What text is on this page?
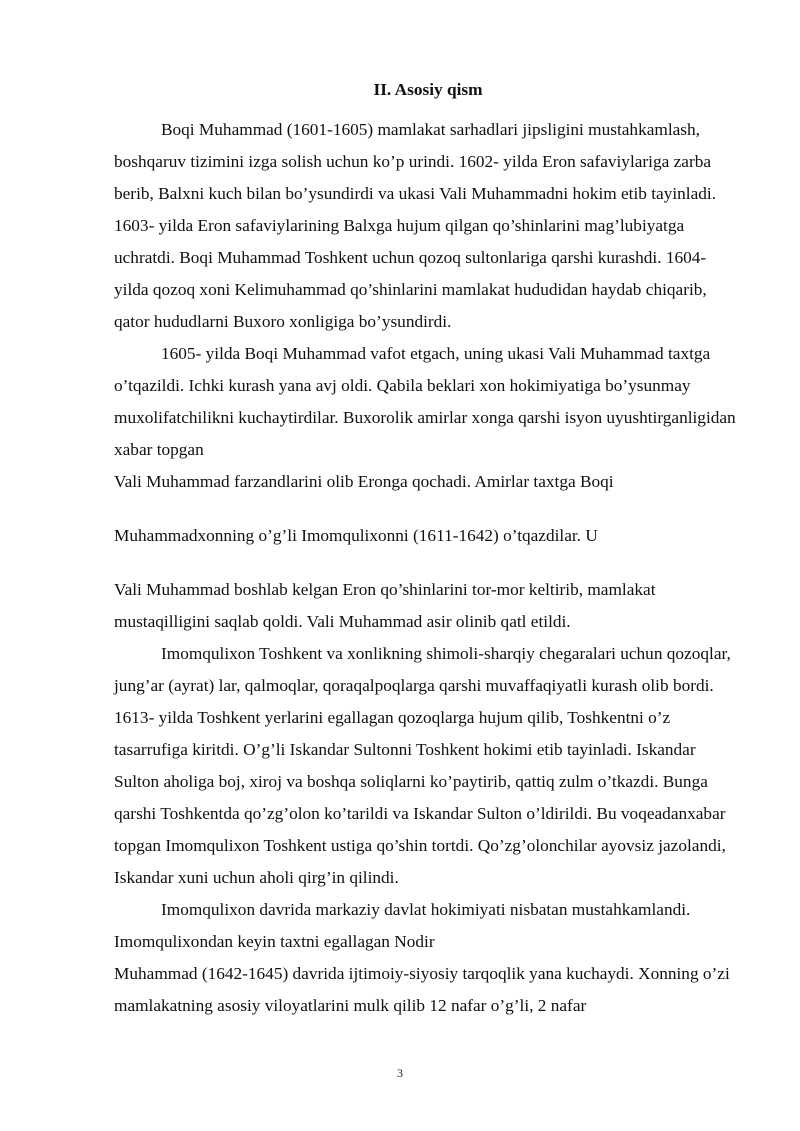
II. Asosiy qism

Boqi Muhammad (1601-1605) mamlakat sarhadlari jipsligini mustahkamlash, boshqaruv tizimini izga solish uchun ko’p urindi. 1602- yilda Eron safaviylariga zarba berib, Balxni kuch bilan bo’ysundirdi va ukasi Vali Muhammadni hokim etib tayinladi. 1603- yilda Eron safaviylarining Balxga hujum qilgan qo’shinlarini mag’lubiyatga uchratdi. Boqi Muhammad Toshkent uchun qozoq sultonlariga qarshi kurashdi. 1604- yilda qozoq xoni Kelimuhammad qo’shinlarini mamlakat hududidan haydab chiqarib, qator hududlarni Buxoro xonligiga bo’ysundirdi.

1605- yilda Boqi Muhammad vafot etgach, uning ukasi Vali Muhammad taxtga o’tqazildi. Ichki kurash yana avj oldi. Qabila beklari xon hokimiyatiga bo’ysunmay muxolifatchilikni kuchaytirdilar. Buxorolik amirlar xonga qarshi isyon uyushtirganligidan xabar topgan

Vali Muhammad farzandlarini olib Eronga qochadi. Amirlar taxtga Boqi

Muhammadxonning o’g’li Imomqulixonni (1611-1642) o’tqazdilar. U

Vali Muhammad boshlab kelgan Eron qo’shinlarini tor-mor keltirib, mamlakat mustaqilligini saqlab qoldi. Vali Muhammad asir olinib qatl etildi.

Imomqulixon Toshkent va xonlikning shimoli-sharqiy chegaralari uchun qozoqlar, jung’ar (ayrat) lar, qalmoqlar, qoraqalpoqlarga qarshi muvaffaqiyatli kurash olib bordi. 1613- yilda Toshkent yerlarini egallagan qozoqlarga hujum qilib, Toshkentni o’z tasarrufiga kiritdi. O’g’li Iskandar Sultonni Toshkent hokimi etib tayinladi. Iskandar Sulton aholiga boj, xiroj va boshqa soliqlarni ko’paytirib, qattiq zulm o’tkazdi. Bunga qarshi Toshkentda qo’zg’olon ko’tarildi va Iskandar Sulton o’ldirildi. Bu voqeadanxabar topgan Imomqulixon Toshkent ustiga qo’shin tortdi. Qo’zg’olonchilar ayovsiz jazolandi, Iskandar xuni uchun aholi qirg’in qilindi.

Imomqulixon davrida markaziy davlat hokimiyati nisbatan mustahkamlandi. Imomqulixondan keyin taxtni egallagan Nodir

Muhammad (1642-1645) davrida ijtimoiy-siyosiy tarqoqlik yana kuchaydi. Xonning o’zi mamlakatning asosiy viloyatlarini mulk qilib 12 nafar o’g’li, 2 nafar

3
